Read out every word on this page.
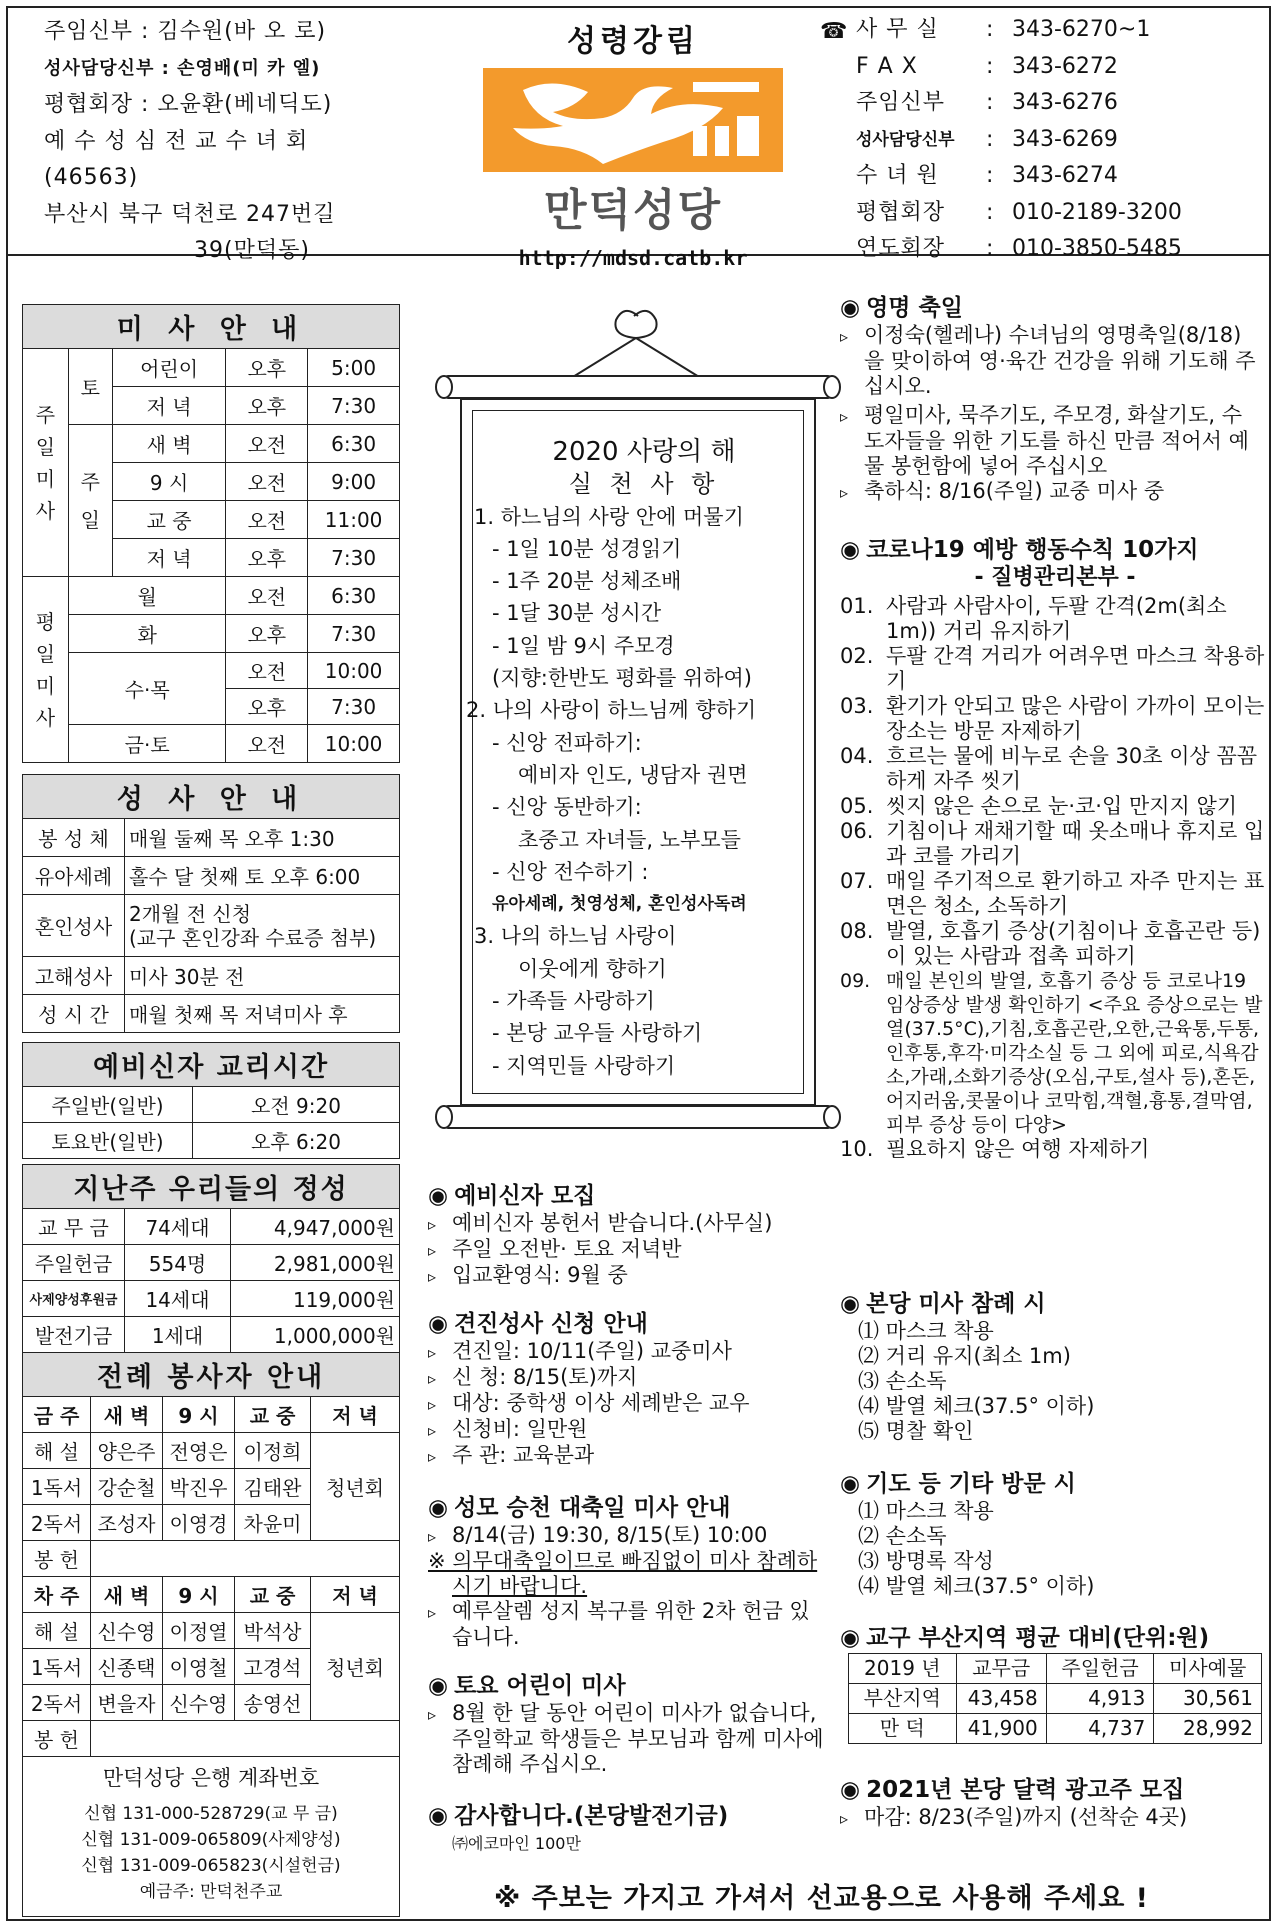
주임신부 : 김수원(바 오 로)
성사담당신부 : 손영배(미 카 엘)
평협회장 : 오윤환(베네딕도)
예 수 성 심 전 교 수 녀 회
(46563)
부산시 북구 덕천로 247번길
39(만덕동)
성령강림
만덕성당
http://mdsd.catb.kr
☎ 사 무 실	: 343-6270~1
F A X	: 343-6272
주임신부	: 343-6276
성사담당신부	: 343-6269
수 녀 원	: 343-6274
평협회장	: 010-2189-3200
연도회장	: 010-3850-5485
미 사 안 내				

주일미사	토	어린이	오후	5:00
		저 녁	오후	7:30

	주일	새 벽	오전	6:30
		9 시	오전	9:00
		교 중	오전	11:00
		저 녁	오후	7:30

평일미사	월		오전	6:30
	화		오후	7:30
	수·목		오전	10:00
			오후	7:30
	금·토		오전	10:00
성 사 안 내	
봉 성 체	매월 둘째 목 오후 1:30
유아세례	홀수 달 첫째 토 오후 6:00
혼인성사	2개월 전 신청
(교구 혼인강좌 수료증 첨부)

고해성사	미사 30분 전
성 시 간	매월 첫째 목 저녁미사 후
예비신자 교리시간	
주일반(일반)	오전 9:20
토요반(일반)	오후 6:20
지난주 우리들의 정성		
교 무 금	74세대	4,947,000원
주일헌금	554명	2,981,000원
사제양성후원금	14세대	119,000원
발전기금	1세대	1,000,000원
전례 봉사자 안내				
금 주	새 벽	9 시	교 중	저 녁
해 설	양은주	전영은	이정희	청년회
1독서	강순철	박진우	김태완	
2독서	조성자	이영경	차윤미	
봉 헌				
차 주	새 벽	9 시	교 중	저 녁
해 설	신수영	이정열	박석상	청년회
1독서	신종택	이영철	고경석	
2독서	변을자	신수영	송영선	
봉 헌				

만덕성당 은행 계좌번호
신협 131-000-528729(교 무 금)
신협 131-009-065809(사제양성)
신협 131-009-065823(시설헌금)
예금주: 만덕천주교				
2020 사랑의 해
실 천 사 항
1. 하느님의 사랑 안에 머물기
- 1일 10분 성경읽기
- 1주 20분 성체조배
- 1달 30분 성시간
- 1일 밤 9시 주모경
(지향:한반도 평화를 위하여)
2. 나의 사랑이 하느님께 향하기
- 신앙 전파하기:
예비자 인도, 냉담자 권면
- 신앙 동반하기:
초중고 자녀들, 노부모들
- 신앙 전수하기 :
유아세례, 첫영성체, 혼인성사독려
3. 나의 하느님 사랑이
이웃에게 향하기
- 가족들 사랑하기
- 본당 교우들 사랑하기
- 지역민들 사랑하기
◉ 예비신자 모집
▹ 예비신자 봉헌서 받습니다.(사무실)
▹ 주일 오전반· 토요 저녁반
▹ 입교환영식: 9월 중
◉ 견진성사 신청 안내
▹ 견진일: 10/11(주일) 교중미사
▹ 신 청: 8/15(토)까지
▹ 대상: 중학생 이상 세례받은 교우
▹ 신청비: 일만원
▹ 주 관: 교육분과
◉ 성모 승천 대축일 미사 안내
▹ 8/14(금) 19:30, 8/15(토) 10:00
※ 의무대축일이므로 빠짐없이 미사 참례하시기 바랍니다.
▹ 예루살렘 성지 복구를 위한 2차 헌금 있습니다.
◉ 토요 어린이 미사
▹ 8월 한 달 동안 어린이 미사가 없습니다, 주일학교 학생들은 부모님과 함께 미사에 참례해 주십시오.
◉ 감사합니다.(본당발전기금)
㈜에코마인 100만
◉ 영명 축일
▹ 이정숙(헬레나) 수녀님의 영명축일(8/18)을 맞이하여 영·육간 건강을 위해 기도해 주십시오.
▹ 평일미사, 묵주기도, 주모경, 화살기도, 수도자들을 위한 기도를 하신 만큼 적어서 예물 봉헌함에 넣어 주십시오
▹ 축하식: 8/16(주일) 교중 미사 중
◉ 코로나19 예방 행동수칙 10가지
- 질병관리본부 -
01. 사람과 사람사이, 두팔 간격(2m(최소 1m)) 거리 유지하기
02. 두팔 간격 거리가 어려우면 마스크 착용하기
03. 환기가 안되고 많은 사람이 가까이 모이는 장소는 방문 자제하기
04. 흐르는 물에 비누로 손을 30초 이상 꼼꼼하게 자주 씻기
05. 씻지 않은 손으로 눈·코·입 만지지 않기
06. 기침이나 재채기할 때 옷소매나 휴지로 입과 코를 가리기
07. 매일 주기적으로 환기하고 자주 만지는 표면은 청소, 소독하기
08. 발열, 호흡기 증상(기침이나 호흡곤란 등)이 있는 사람과 접촉 피하기
09. 매일 본인의 발열, 호흡기 증상 등 코로나19 임상증상 발생 확인하기 <주요 증상으로는 발열(37.5°C),기침,호흡곤란,오한,근육통,두통,인후통,후각·미각소실 등 그 외에 피로,식욕감소,가래,소화기증상(오심,구토,설사 등),혼돈,어지러움,콧물이나 코막힘,객혈,흉통,결막염,피부 증상 등이 다양>
10. 필요하지 않은 여행 자제하기
◉ 본당 미사 참례 시
⑴ 마스크 착용
⑵ 거리 유지(최소 1m)
⑶ 손소독
⑷ 발열 체크(37.5° 이하)
⑸ 명찰 확인
◉ 기도 등 기타 방문 시
⑴ 마스크 착용
⑵ 손소독
⑶ 방명록 작성
⑷ 발열 체크(37.5° 이하)
◉ 교구 부산지역 평균 대비(단위:원)
2019 년	교무금	주일헌금	미사예물
부산지역	43,458	4,913	30,561
만 덕	41,900	4,737	28,992
◉ 2021년 본당 달력 광고주 모집
▹ 마감: 8/23(주일)까지 (선착순 4곳)
※ 주보는 가지고 가셔서 선교용으로 사용해 주세요 !
